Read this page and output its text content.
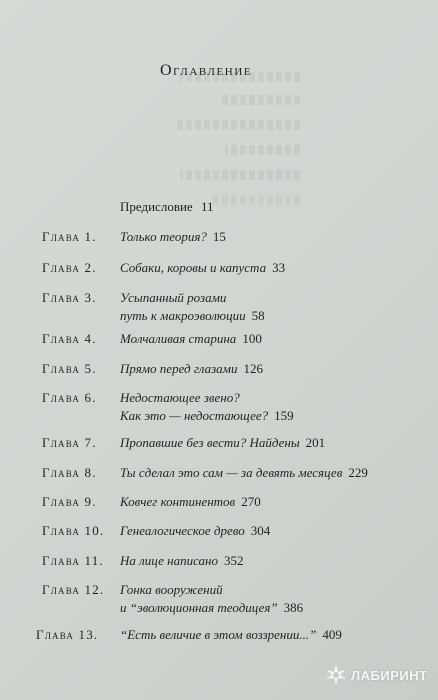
Оглавление
Предисловие 11
Глава 1. Только теория? 15
Глава 2. Собаки, коровы и капуста 33
Глава 3. Усыпанный розами
путь к макроэволюции 58
Глава 4. Молчаливая старина 100
Глава 5. Прямо перед глазами 126
Глава 6. Недостающее звено?
Как это — недостающее? 159
Глава 7. Пропавшие без вести? Найдены 201
Глава 8. Ты сделал это сам — за девять месяцев 229
Глава 9. Ковчег континентов 270
Глава 10. Генеалогическое древо 304
Глава 11. На лице написано 352
Глава 12. Гонка вооружений
и “эволюционная теодицея” 386
Глава 13. “Есть величие в этом воззрении...” 409
ЛАБИРИНТ
